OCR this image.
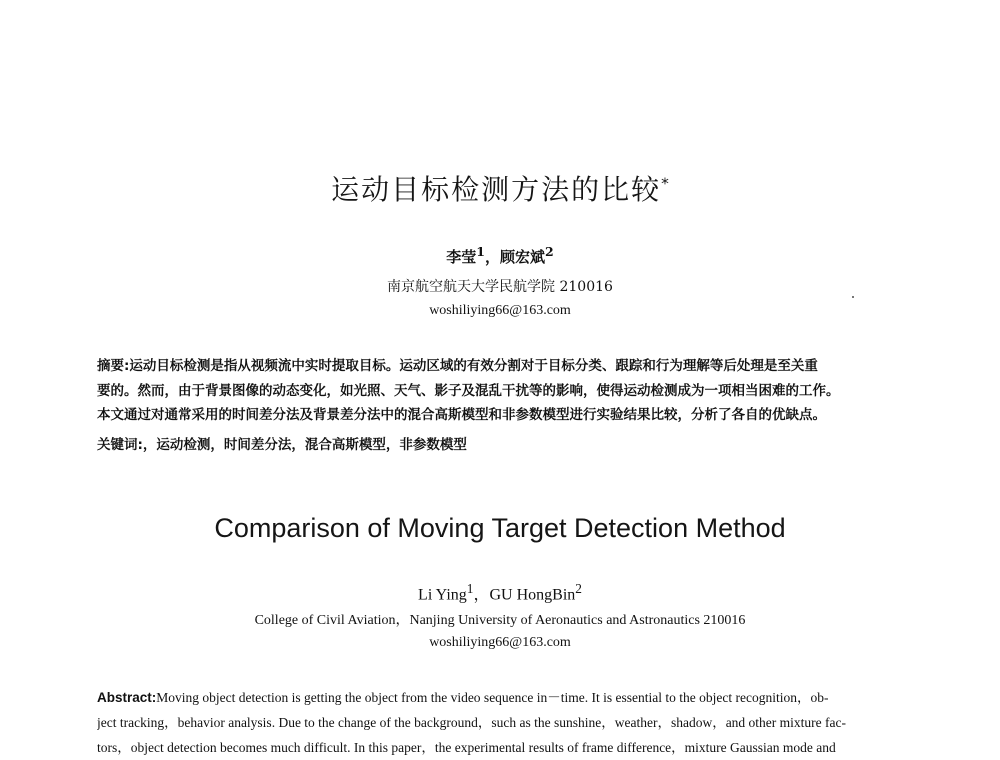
运动目标检测方法的比较*
李莹$^1$，顾宏斌$^2$
南京航空航天大学民航学院 210016
woshiliying66@163.com
摘要:运动目标检测是指从视频流中实时提取目标。运动区域的有效分割对于目标分类、跟踪和行为理解等后处理是至关重
要的。然而，由于背景图像的动态变化，如光照、天气、影子及混乱干扰等的影响，使得运动检测成为一项相当困难的工作。
本文通过对通常采用的时间差分法及背景差分法中的混合高斯模型和非参数模型进行实验结果比较，分析了各自的优缺点。
关键词:，运动检测，时间差分法，混合高斯模型，非参数模型
Comparison of Moving Target Detection Method
Li Ying$^1$，GU HongBin$^2$
College of Civil Aviation，Nanjing University of Aeronautics and Astronautics 210016
woshiliying66@163.com
Abstract:Moving object detection is getting the object from the video sequence in－time. It is essential to the object recognition，ob-
ject tracking，behavior analysis. Due to the change of the background，such as the sunshine，weather，shadow，and other mixture fac-
tors，object detection becomes much difficult. In this paper，the experimental results of frame difference，mixture Gaussian mode and
